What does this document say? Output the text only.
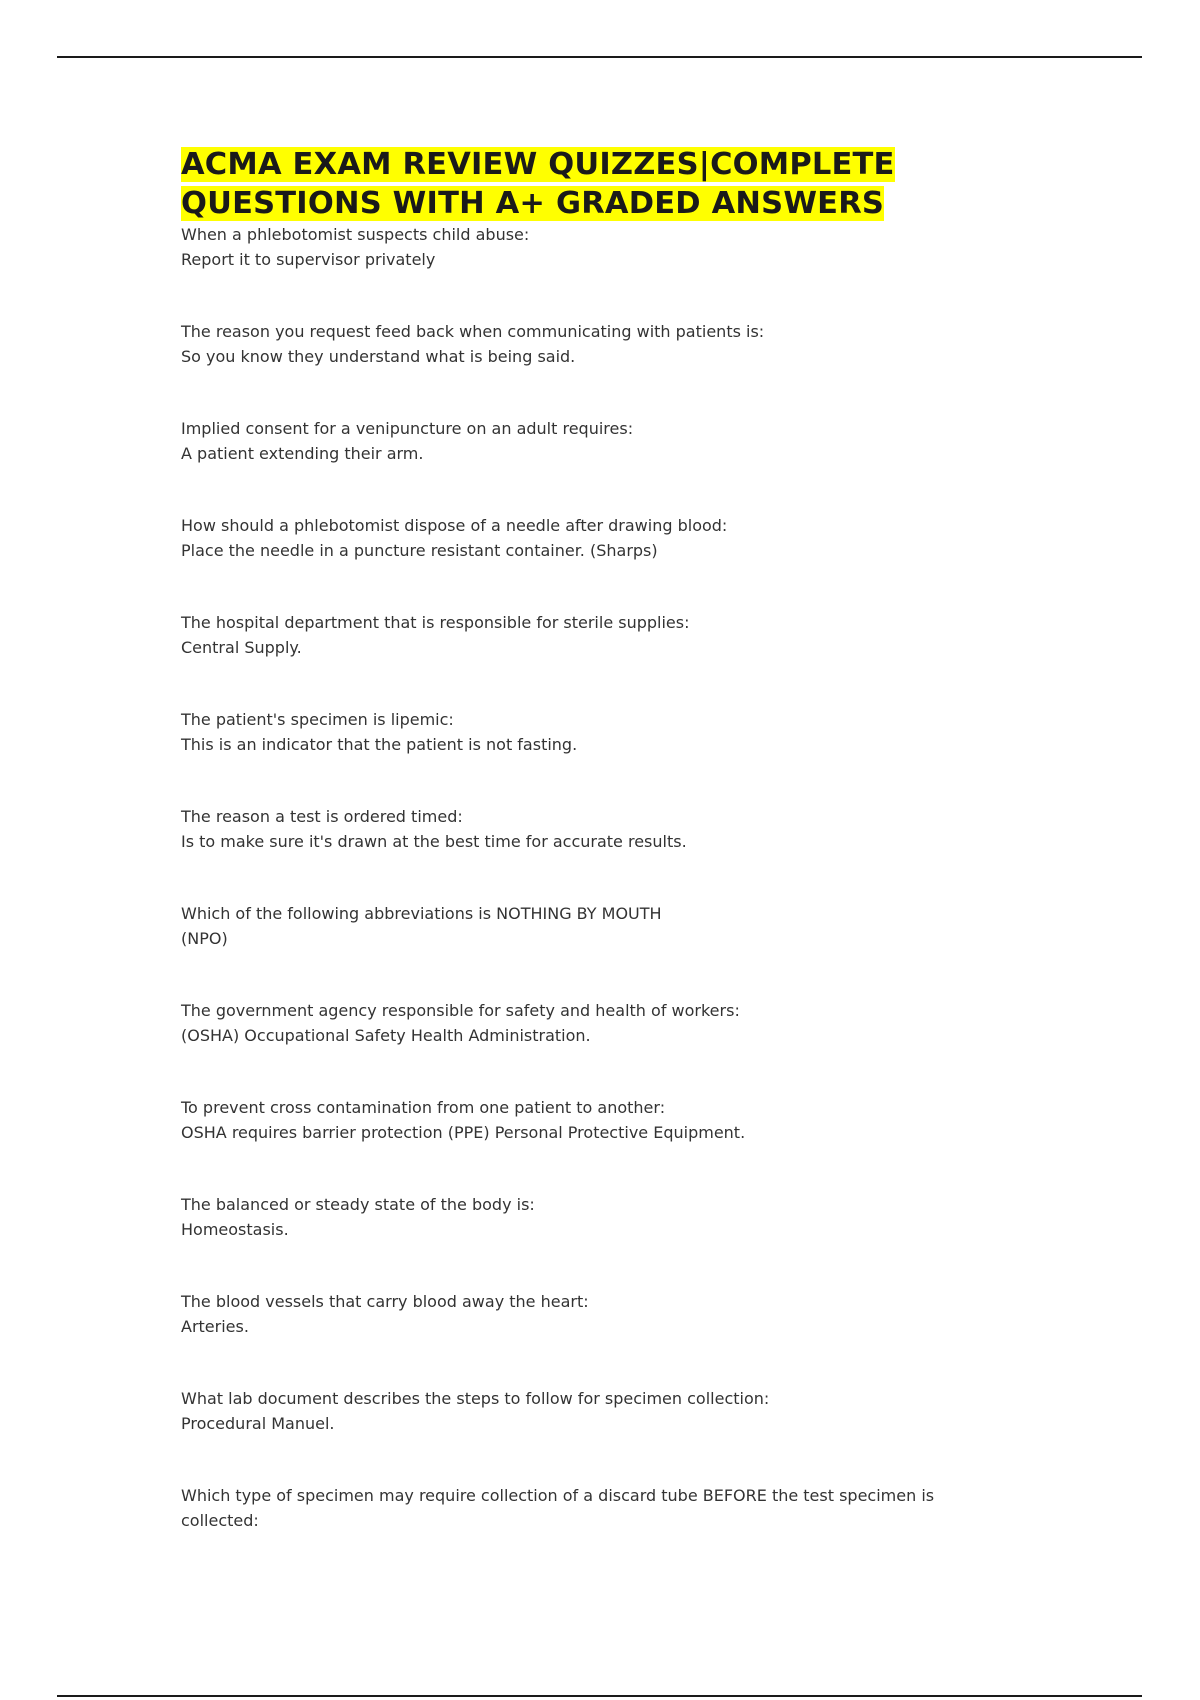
ACMA EXAM REVIEW QUIZZES|COMPLETE QUESTIONS WITH A+ GRADED ANSWERS

When a phlebotomist suspects child abuse:

Report it to supervisor privately

The reason you request feed back when communicating with patients is:

So you know they understand what is being said.

Implied consent for a venipuncture on an adult requires:

A patient extending their arm.

How should a phlebotomist dispose of a needle after drawing blood:

Place the needle in a puncture resistant container. (Sharps)

The hospital department that is responsible for sterile supplies:

Central Supply.

The patient's specimen is lipemic:

This is an indicator that the patient is not fasting.

The reason a test is ordered timed:

Is to make sure it's drawn at the best time for accurate results.

Which of the following abbreviations is NOTHING BY MOUTH

(NPO)

The government agency responsible for safety and health of workers:

(OSHA) Occupational Safety Health Administration.

To prevent cross contamination from one patient to another:

OSHA requires barrier protection (PPE) Personal Protective Equipment.

The balanced or steady state of the body is:

Homeostasis.

The blood vessels that carry blood away the heart:

Arteries.

What lab document describes the steps to follow for specimen collection:

Procedural Manuel.

Which type of specimen may require collection of a discard tube BEFORE the test specimen is collected:
